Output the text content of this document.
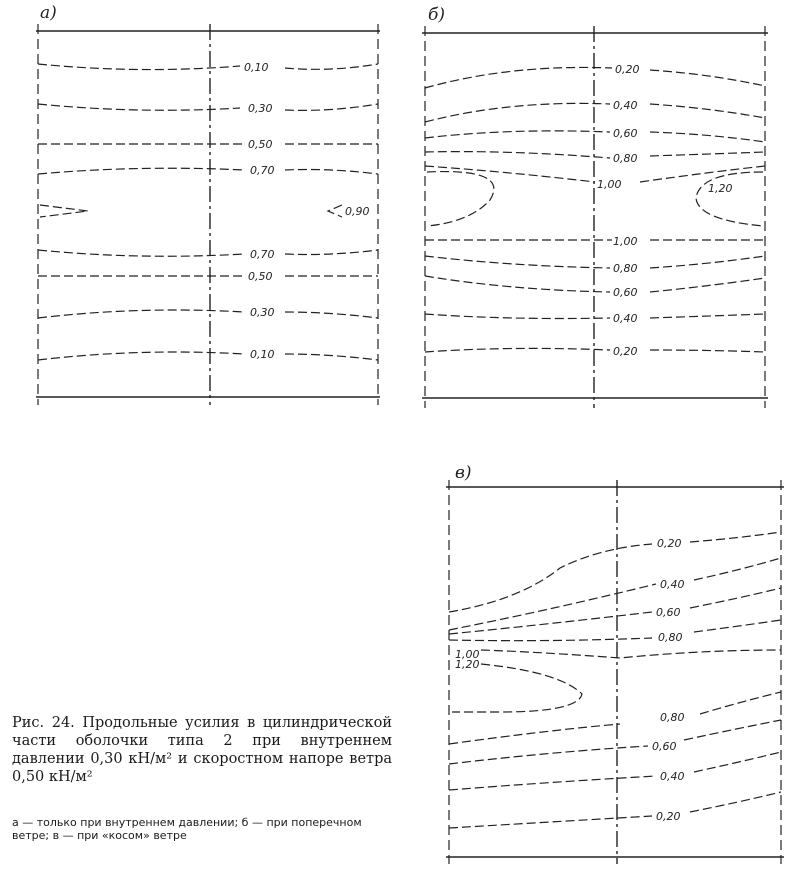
а)
0,10
0,30
0,50
0,70
0,90
0,70
0,50
0,30
0,10
б)
0,20
0,40
0,60
0,80
1,00	1,20
1,00
0,80
0,60
0,40
0,20
в)
0,20
0,40
0,60
0,80
1,00
1,20
0,80
0,60
0,40
0,20
Рис. 24. Продольные усилия в цилиндрической части оболочки типа 2 при внутреннем давлении 0,30 кН/м² и скоростном напоре ветра 0,50 кН/м²
а — только при внутреннем давлении; б — при поперечном ветре; в — при «косом» ветре
